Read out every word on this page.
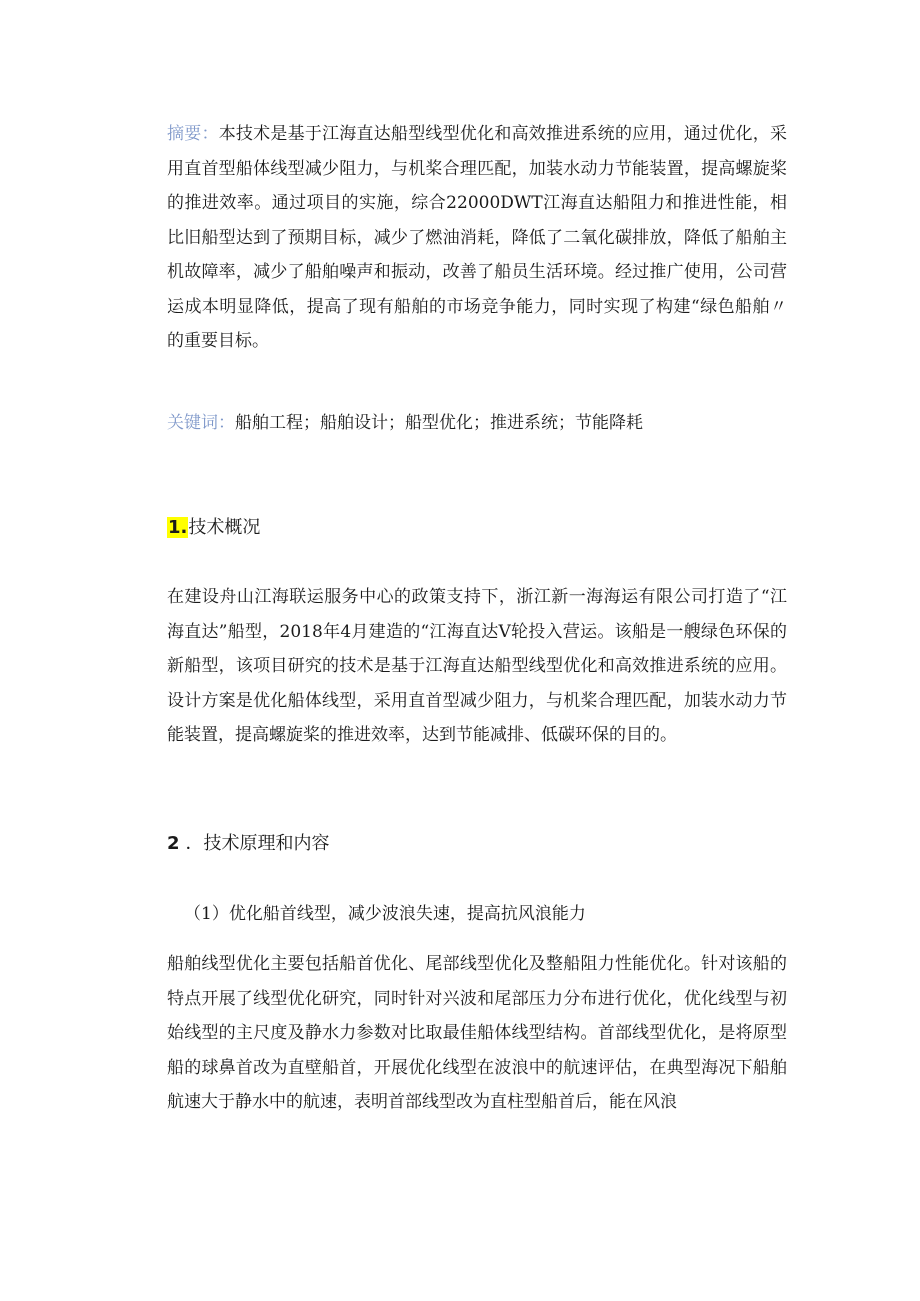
摘要：本技术是基于江海直达船型线型优化和高效推进系统的应用，通过优化，采用直首型船体线型减少阻力，与机桨合理匹配，加装水动力节能装置，提高螺旋桨的推进效率。通过项目的实施，综合22000DWT江海直达船阻力和推进性能，相比旧船型达到了预期目标，减少了燃油消耗，降低了二氧化碳排放，降低了船舶主机故障率，减少了船舶噪声和振动，改善了船员生活环境。经过推广使用，公司营运成本明显降低，提高了现有船舶的市场竞争能力，同时实现了构建“绿色船舶〃的重要目标。

关键词：船舶工程；船舶设计；船型优化；推进系统；节能降耗

1.技术概况

在建设舟山江海联运服务中心的政策支持下，浙江新一海海运有限公司打造了“江海直达”船型，2018年4月建造的“江海直达V轮投入营运。该船是一艘绿色环保的新船型，该项目研究的技术是基于江海直达船型线型优化和高效推进系统的应用。设计方案是优化船体线型，采用直首型减少阻力，与机桨合理匹配，加装水动力节能装置，提高螺旋桨的推进效率，达到节能减排、低碳环保的目的。

2 ．技术原理和内容

（1）优化船首线型，减少波浪失速，提高抗风浪能力

船舶线型优化主要包括船首优化、尾部线型优化及整船阻力性能优化。针对该船的特点开展了线型优化研究，同时针对兴波和尾部压力分布进行优化，优化线型与初始线型的主尺度及静水力参数对比取最佳船体线型结构。首部线型优化，是将原型船的球鼻首改为直壁船首，开展优化线型在波浪中的航速评估，在典型海况下船舶航速大于静水中的航速，表明首部线型改为直柱型船首后，能在风浪
